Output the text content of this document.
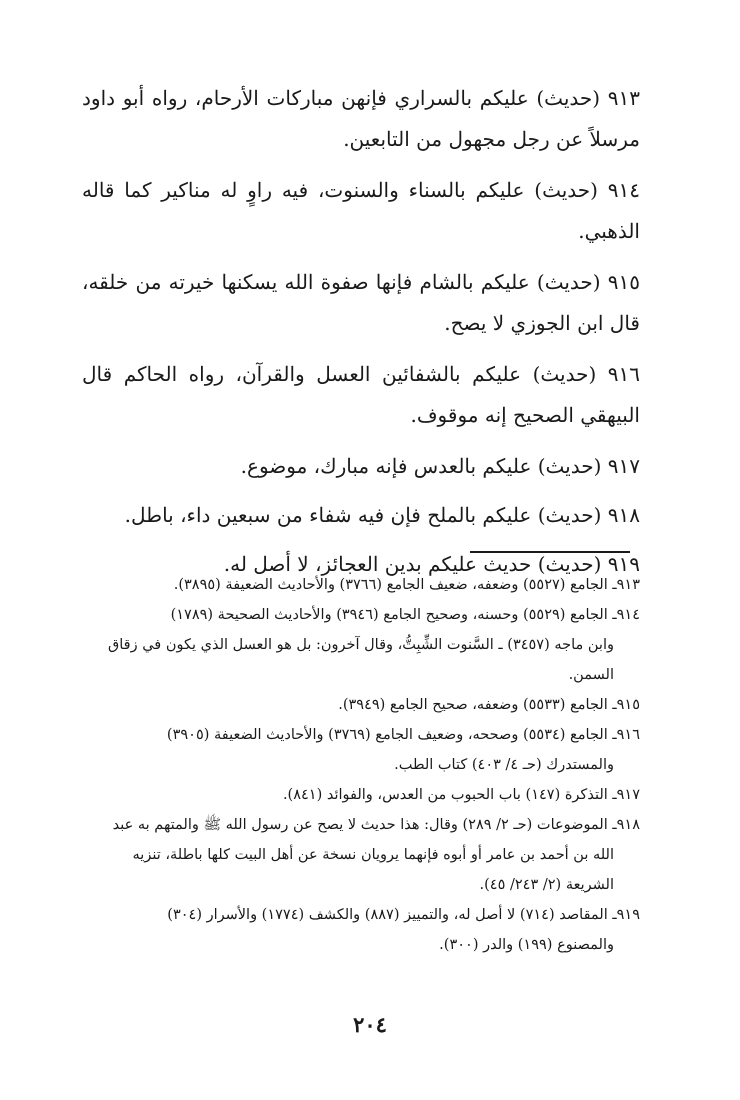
٩١٣ (حديث) عليكم بالسراري فإنهن مباركات الأرحام، رواه أبو داود مرسلاً عن رجل مجهول من التابعين.

٩١٤ (حديث) عليكم بالسناء والسنوت، فيه راوٍ له مناكير كما قاله الذهبي.

٩١٥ (حديث) عليكم بالشام فإنها صفوة الله يسكنها خيرته من خلقه، قال ابن الجوزي لا يصح.

٩١٦ (حديث) عليكم بالشفائين العسل والقرآن، رواه الحاكم قال البيهقي الصحيح إنه موقوف.

٩١٧ (حديث) عليكم بالعدس فإنه مبارك، موضوع.

٩١٨ (حديث) عليكم بالملح فإن فيه شفاء من سبعين داء، باطل.

٩١٩ (حديث) حديث عليكم بدين العجائز، لا أصل له.

٩١٣ـ الجامع (٥٥٢٧) وضعفه، ضعيف الجامع (٣٧٦٦) والأحاديث الضعيفة (٣٨٩٥).

٩١٤ـ الجامع (٥٥٢٩) وحسنه، وصحيح الجامع (٣٩٤٦) والأحاديث الصحيحة (١٧٨٩)
وابن ماجه (٣٤٥٧) ـ السَّنوت الشِّبِتُّ، وقال آخرون: بل هو العسل الذي يكون في زقاق السمن.

٩١٥ـ الجامع (٥٥٣٣) وضعفه، صحيح الجامع (٣٩٤٩).

٩١٦ـ الجامع (٥٥٣٤) وصححه، وضعيف الجامع (٣٧٦٩) والأحاديث الضعيفة (٣٩٠٥)
والمستدرك (حـ ٤/ ٤٠٣) كتاب الطب.

٩١٧ـ التذكرة (١٤٧) باب الحبوب من العدس، والفوائد (٨٤١).

٩١٨ـ الموضوعات (حـ ٢/ ٢٨٩) وقال: هذا حديث لا يصح عن رسول الله ﷺ والمتهم به عبد
الله بن أحمد بن عامر أو أبوه فإنهما يرويان نسخة عن أهل البيت كلها باطلة، تنزيه الشريعة (٢/ ٢٤٣/ ٤٥).

٩١٩ـ المقاصد (٧١٤) لا أصل له، والتمييز (٨٨٧) والكشف (١٧٧٤) والأسرار (٣٠٤)
والمصنوع (١٩٩) والدر (٣٠٠).

٢٠٤
